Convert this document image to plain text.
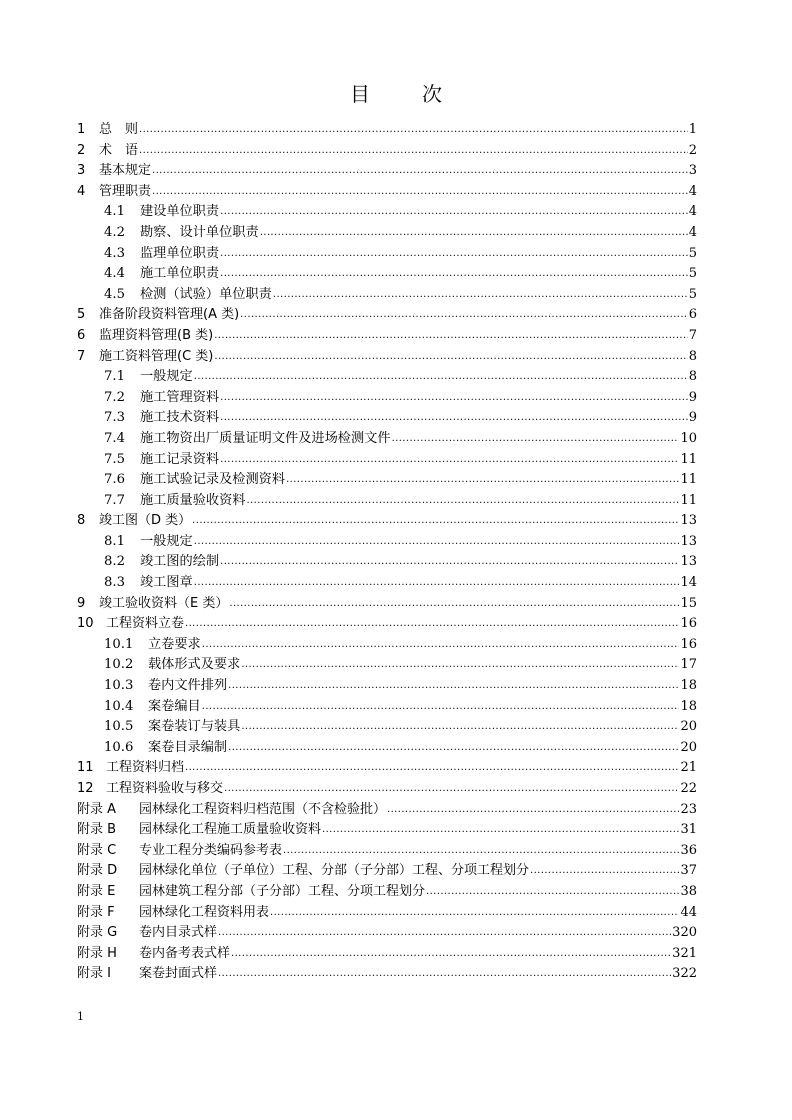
目　次
1	总　则 .....	1
2	术　语 .....	2
3	基本规定 .....	3
4	管理职责 .....	4
4.1	建设单位职责 .....	4
4.2	勘察、设计单位职责 .....	4
4.3	监理单位职责 .....	5
4.4	施工单位职责 .....	5
4.5	检测（试验）单位职责 .....	5
5	准备阶段资料管理(A 类) .....	6
6	监理资料管理(B 类) .....	7
7	施工资料管理(C 类) .....	8
7.1	一般规定 .....	8
7.2	施工管理资料 .....	9
7.3	施工技术资料 .....	9
7.4	施工物资出厂质量证明文件及进场检测文件 .....	10
7.5	施工记录资料 .....	11
7.6	施工试验记录及检测资料 .....	11
7.7	施工质量验收资料 .....	11
8	竣工图（D 类） .....	13
8.1	一般规定 .....	13
8.2	竣工图的绘制 .....	13
8.3	竣工图章 .....	14
9	竣工验收资料（E 类） .....	15
10 工程资料立卷 .....	16
10.1	立卷要求 .....	16
10.2	载体形式及要求 .....	17
10.3	卷内文件排列 .....	18
10.4	案卷编目 .....	18
10.5	案卷装订与装具 .....	20
10.6	案卷目录编制 .....	20
11 工程资料归档 .....	21
12 工程资料验收与移交 .....	22
附录 A	园林绿化工程资料归档范围（不含检验批） .....	23
附录 B	园林绿化工程施工质量验收资料 .....	31
附录 C	专业工程分类编码参考表 .....	36
附录 D	园林绿化单位（子单位）工程、分部（子分部）工程、分项工程划分 .....	37
附录 E	园林建筑工程分部（子分部）工程、分项工程划分 .....	38
附录 F	园林绿化工程资料用表 .....	44
附录 G	卷内目录式样 .....	320
附录 H	卷内备考表式样 .....	321
附录 I	案卷封面式样 .....	322
1
